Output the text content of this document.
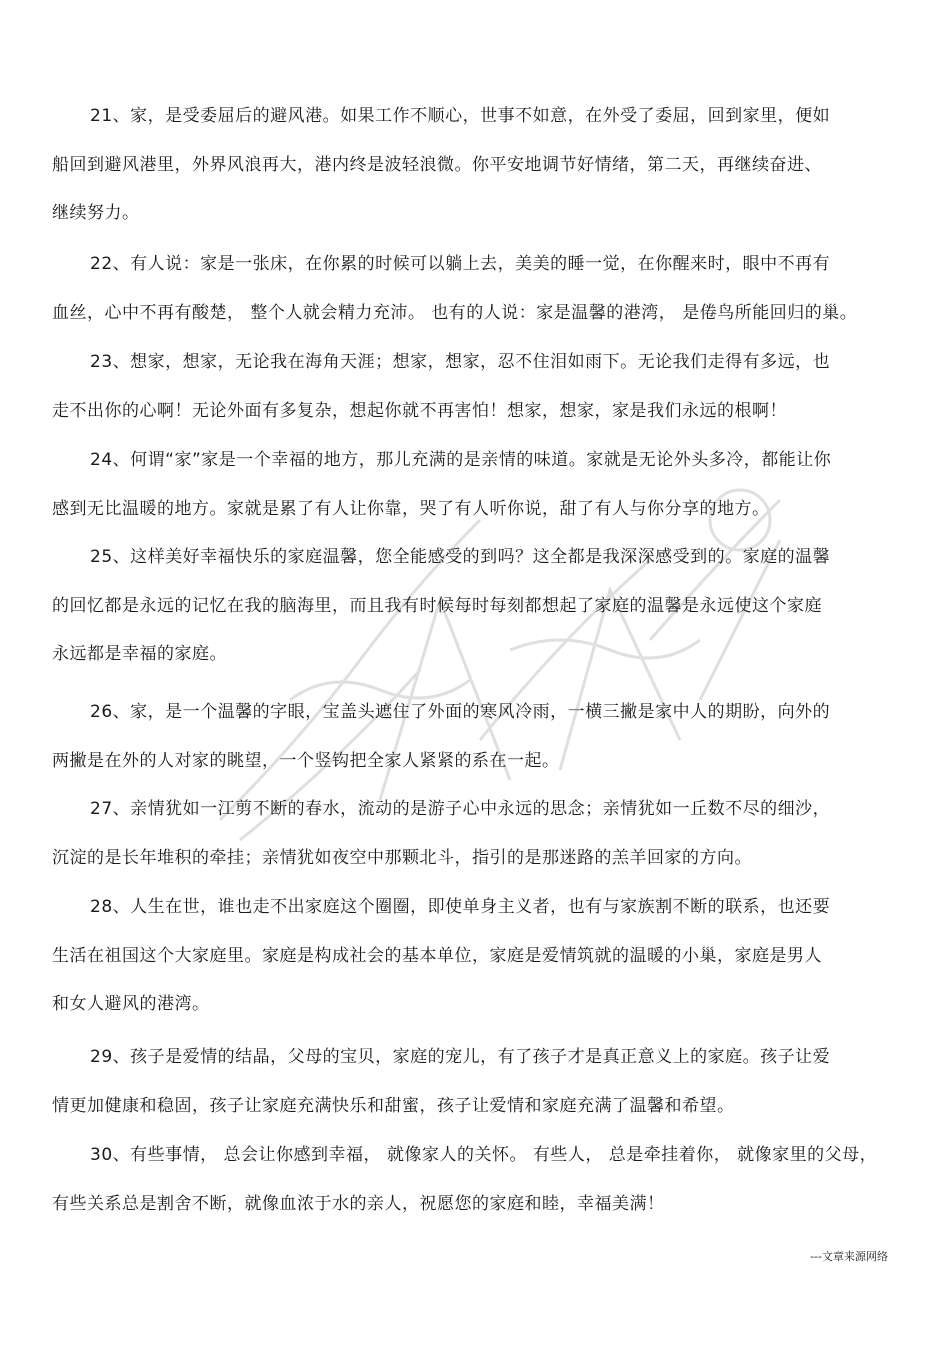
21、家，是受委屈后的避风港。如果工作不顺心，世事不如意，在外受了委屈，回到家里，便如
船回到避风港里，外界风浪再大，港内终是波轻浪微。你平安地调节好情绪，第二天，再继续奋进、
继续努力。
22、有人说：家是一张床，在你累的时候可以躺上去，美美的睡一觉，在你醒来时，眼中不再有
血丝，心中不再有酸楚， 整个人就会精力充沛。 也有的人说：家是温馨的港湾， 是倦鸟所能回归的巢。
23、想家，想家，无论我在海角天涯；想家，想家，忍不住泪如雨下。无论我们走得有多远，也
走不出你的心啊！无论外面有多复杂，想起你就不再害怕！想家，想家，家是我们永远的根啊！
24、何谓“家”家是一个幸福的地方，那儿充满的是亲情的味道。家就是无论外头多冷，都能让你
感到无比温暖的地方。家就是累了有人让你靠，哭了有人听你说，甜了有人与你分享的地方。
25、这样美好幸福快乐的家庭温馨，您全能感受的到吗？这全都是我深深感受到的。家庭的温馨
的回忆都是永远的记忆在我的脑海里，而且我有时候每时每刻都想起了家庭的温馨是永远使这个家庭
永远都是幸福的家庭。
26、家，是一个温馨的字眼，宝盖头遮住了外面的寒风冷雨，一横三撇是家中人的期盼，向外的
两撇是在外的人对家的眺望，一个竖钩把全家人紧紧的系在一起。
27、亲情犹如一江剪不断的春水，流动的是游子心中永远的思念；亲情犹如一丘数不尽的细沙，
沉淀的是长年堆积的牵挂；亲情犹如夜空中那颗北斗，指引的是那迷路的羔羊回家的方向。
28、人生在世，谁也走不出家庭这个圈圈，即使单身主义者，也有与家族割不断的联系，也还要
生活在祖国这个大家庭里。家庭是构成社会的基本单位，家庭是爱情筑就的温暖的小巢，家庭是男人
和女人避风的港湾。
29、孩子是爱情的结晶，父母的宝贝，家庭的宠儿，有了孩子才是真正意义上的家庭。孩子让爱
情更加健康和稳固，孩子让家庭充满快乐和甜蜜，孩子让爱情和家庭充满了温馨和希望。
30、有些事情， 总会让你感到幸福， 就像家人的关怀。 有些人， 总是牵挂着你， 就像家里的父母，
有些关系总是割舍不断，就像血浓于水的亲人，祝愿您的家庭和睦，幸福美满！
---文章来源网络
